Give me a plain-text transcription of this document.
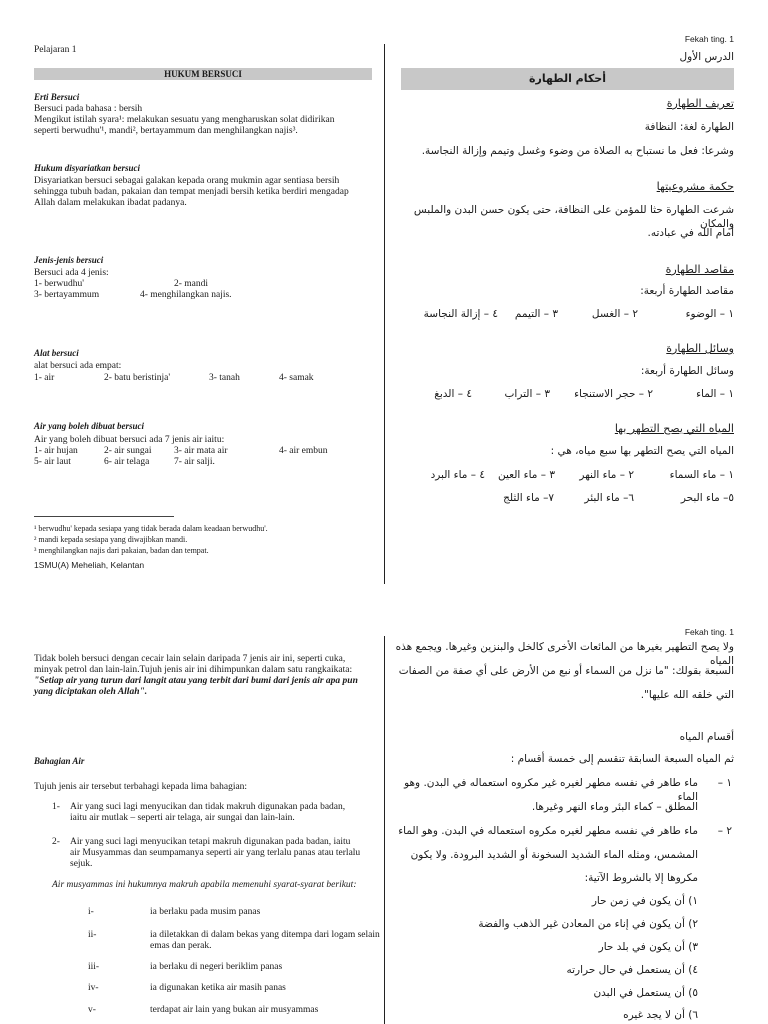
Pelajaran 1
HUKUM BERSUCI
Erti Bersuci
Bersuci pada bahasa : bersih
Mengikut istilah syara¹: melakukan sesuatu yang mengharuskan solat didirikan
seperti berwudhu'¹, mandi², bertayammum dan menghilangkan najis³.
Hukum disyariatkan bersuci
Disyariatkan bersuci sebagai galakan kepada orang mukmin agar sentiasa bersih
sehingga tubuh badan, pakaian dan tempat menjadi bersih ketika berdiri mengadap
Allah dalam melakukan ibadat padanya.
Jenis-jenis bersuci
Bersuci ada 4 jenis:
1- berwudhu'	2- mandi
3- bertayammum	4- menghilangkan najis.
Alat bersuci
alat bersuci ada empat:
1- air	2- batu beristinja'	3- tanah	4- samak
Air yang boleh dibuat bersuci
Air yang boleh dibuat bersuci ada 7 jenis air iaitu:
1- air hujan	2- air sungai 3- air mata air	4- air embun
5- air laut	6- air telaga	7- air salji.
¹ berwudhu' kepada sesiapa yang tidak berada dalam keadaan berwudhu'.
² mandi kepada sesiapa yang diwajibkan mandi.
³ menghilangkan najis dari pakaian, badan dan tempat.
1SMU(A) Meheliah, Kelantan
Fekah ting. 1
الدرس الأول
أحكام الطهارة
تعريف الطهارة
الطهارة لغة: النظافة
وشرعا: فعل ما نستباح به الصلاة من وضوء وغسل وتيمم وإزالة النجاسة.
حكمة مشروعيتها
شرعت الطهارة حثا للمؤمن على النظافة، حتى يكون حسن البدن والملبس والمكان
أمام الله في عبادته.
مقاصد الطهارة
مقاصد الطهارة أربعة:
١ – الوضوء
٢ – الغسل
٣ – التيمم
٤ – إزالة النجاسة
وسائل الطهارة
وسائل الطهارة أربعة:
١ – الماء
٢ – حجر الاستنجاء
٣ – التراب
٤ – الدبغ
المياه التي يصح التطهر بها
المياه التي يصح التطهر بها سبع مياه، هي :
١ – ماء السماء
٢ – ماء النهر
٣ – ماء العين
٤ – ماء البرد
٥– ماء البحر
٦– ماء البئر
٧– ماء الثلج
Tidak boleh bersuci dengan cecair lain selain daripada 7 jenis air ini, seperti cuka,
minyak petrol dan lain-lain.Tujuh jenis air ini dihimpunkan dalam satu rangkaikata:
"Setiap air yang turun dari langit atau yang terbit dari bumi dari jenis air apa pun
yang diciptakan oleh Allah".
Bahagian Air
Tujuh jenis air tersebut terbahagi kepada lima bahagian:
1- Air yang suci lagi menyucikan dan tidak makruh digunakan pada badan,
iaitu air mutlak – seperti air telaga, air sungai dan lain-lain.
2- Air yang suci lagi menyucikan tetapi makruh digunakan pada badan, iaitu
air Musyammas dan seumpamanya seperti air yang terlalu panas atau terlalu
sejuk.
Air musyammas ini hukumnya makruh apabila memenuhi syarat-syarat berikut:
i-	ia berlaku pada musim panas
ii-	ia diletakkan di dalam bekas yang ditempa dari logam selain
emas dan perak.
iii-	ia berlaku di negeri beriklim panas
iv-	ia digunakan ketika air masih panas
v-	terdapat air lain yang bukan air musyammas
Fekah ting. 1
ولا يصح التطهير بغيرها من المائعات الأخرى كالخل والبنزين وغيرها. ويجمع هذه المياه
السبعة بقولك: "ما نزل من السماء أو نبع من الأرض على أي صفة من الصفات
التي خلقه الله عليها".
أقسام المياه
ثم المياه السبعة السابقة تنقسم إلى خمسة أقسام :
١ –
ماء طاهر في نفسه مطهر لغيره غير مكروه استعماله في البدن. وهو الماء
المطلق – كماء البئر وماء النهر وغيرها.
٢ –
ماء طاهر في نفسه مطهر لغيره مكروه استعماله في البدن. وهو الماء
المشمس، ومثله الماء الشديد السخونة أو الشديد البرودة. ولا يكون
مكروها إلا بالشروط الآتية:
١) أن يكون في زمن حار
٢) أن يكون في إناء من المعادن غير الذهب والفضة
٣) أن يكون في بلد حار
٤) أن يستعمل في حال حرارته
٥) أن يستعمل في البدن
٦) أن لا يجد غيره
